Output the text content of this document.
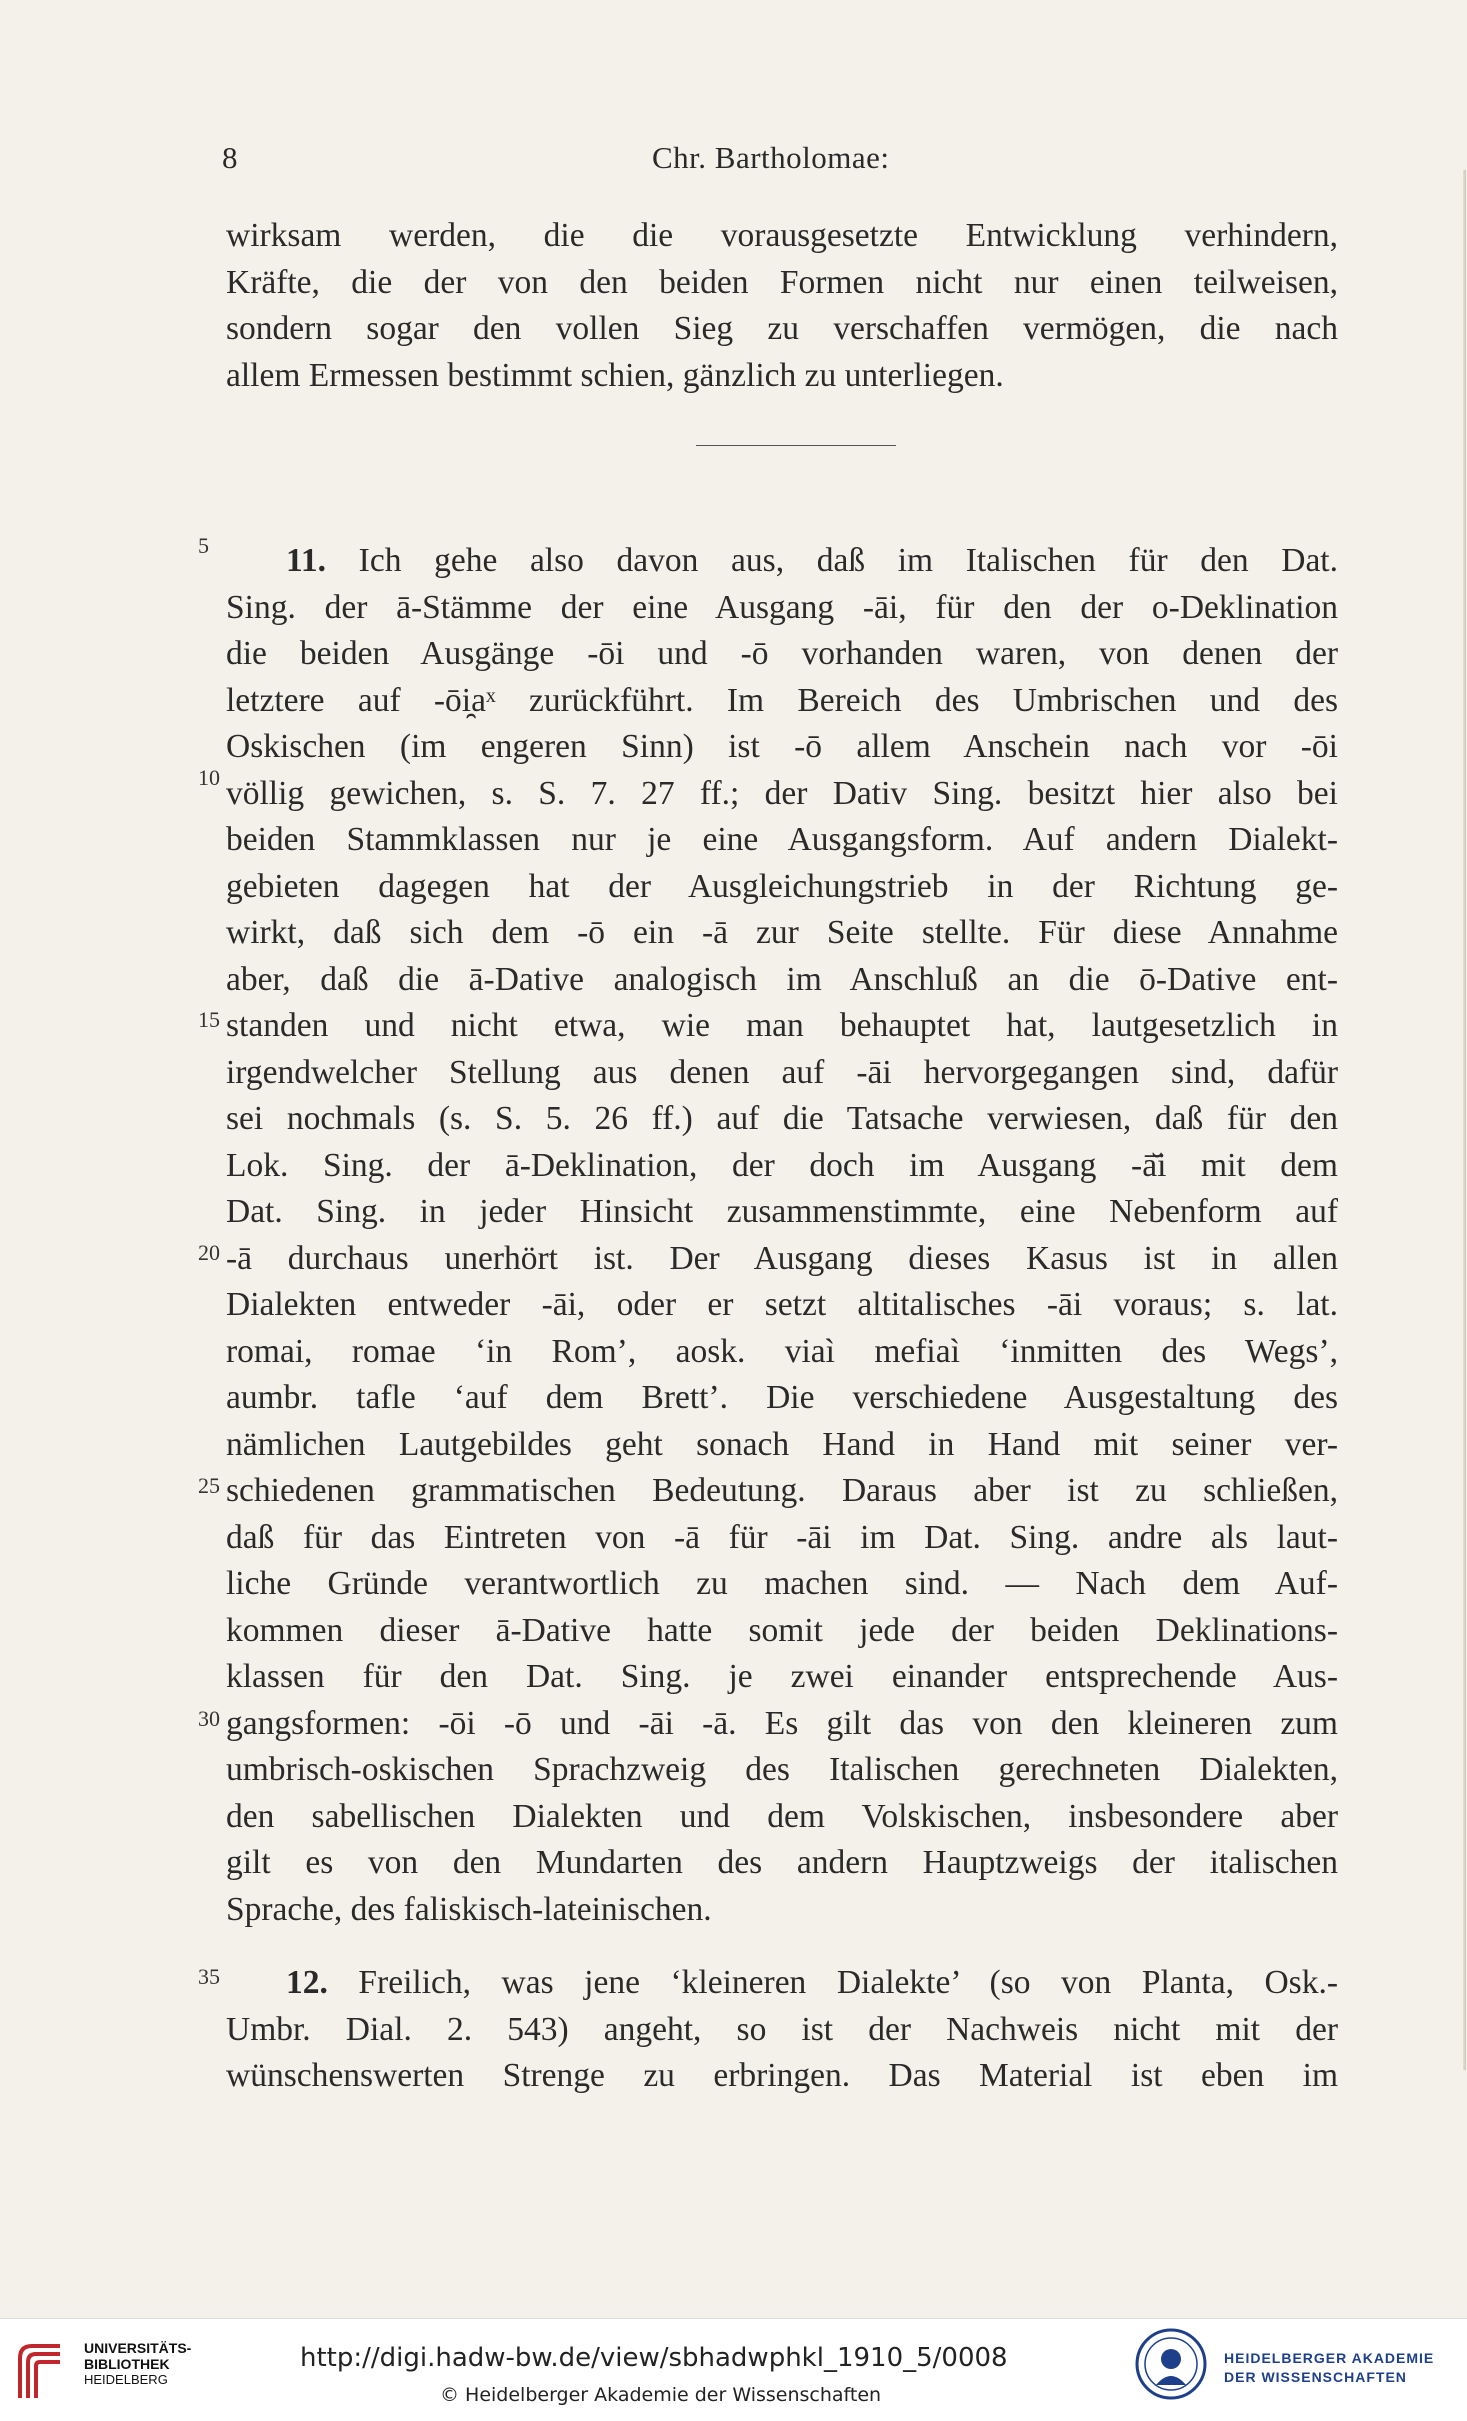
8	Chr. Bartholomae:
wirksam werden, die die vorausgesetzte Entwicklung verhindern,
Kräfte, die der von den beiden Formen nicht nur einen teilweisen,
sondern sogar den vollen Sieg zu verschaffen vermögen, die nach
allem Ermessen bestimmt schien, gänzlich zu unterliegen.
11. Ich gehe also davon aus, daß im Italischen für den Dat.
Sing. der ā-Stämme der eine Ausgang -āi, für den der o-Deklination
die beiden Ausgänge -ōi und -ō vorhanden waren, von denen der
letztere auf -ōi̯aˣ zurückführt. Im Bereich des Umbrischen und des
Oskischen (im engeren Sinn) ist -ō allem Anschein nach vor -ōi
völlig gewichen, s. S. 7. 27 ff.; der Dativ Sing. besitzt hier also bei
beiden Stammklassen nur je eine Ausgangsform. Auf andern Dialekt-
gebieten dagegen hat der Ausgleichungstrieb in der Richtung ge-
wirkt, daß sich dem -ō ein -ā zur Seite stellte. Für diese Annahme
aber, daß die ā-Dative analogisch im Anschluß an die ō-Dative ent-
standen und nicht etwa, wie man behauptet hat, lautgesetzlich in
irgendwelcher Stellung aus denen auf -āi hervorgegangen sind, dafür
sei nochmals (s. S. 5. 26 ff.) auf die Tatsache verwiesen, daß für den
Lok. Sing. der ā-Deklination, der doch im Ausgang -ā̆i mit dem
Dat. Sing. in jeder Hinsicht zusammenstimmte, eine Nebenform auf
-ā durchaus unerhört ist. Der Ausgang dieses Kasus ist in allen
Dialekten entweder -āi, oder er setzt altitalisches -āi voraus; s. lat.
romai, romae ‘in Rom’, aosk. viaì mefiaì ‘inmitten des Wegs’,
aumbr. tafle ‘auf dem Brett’. Die verschiedene Ausgestaltung des
nämlichen Lautgebildes geht sonach Hand in Hand mit seiner ver-
schiedenen grammatischen Bedeutung. Daraus aber ist zu schließen,
daß für das Eintreten von -ā für -āi im Dat. Sing. andre als laut-
liche Gründe verantwortlich zu machen sind. — Nach dem Auf-
kommen dieser ā-Dative hatte somit jede der beiden Deklinations-
klassen für den Dat. Sing. je zwei einander entsprechende Aus-
gangsformen: -ōi -ō und -āi -ā. Es gilt das von den kleineren zum
umbrisch-oskischen Sprachzweig des Italischen gerechneten Dialekten,
den sabellischen Dialekten und dem Volskischen, insbesondere aber
gilt es von den Mundarten des andern Hauptzweigs der italischen
Sprache, des faliskisch-lateinischen.
12. Freilich, was jene ‘kleineren Dialekte’ (so von Planta, Osk.-
Umbr. Dial. 2. 543) angeht, so ist der Nachweis nicht mit der
wünschenswerten Strenge zu erbringen. Das Material ist eben im
5
10
15
20
25
30
35
UNIVERSITÄTS-
BIBLIOTHEK
HEIDELBERG
http://digi.hadw-bw.de/view/sbhadwphkl_1910_5/0008
© Heidelberger Akademie der Wissenschaften
HEIDELBERGER AKADEMIE
DER WISSENSCHAFTEN
